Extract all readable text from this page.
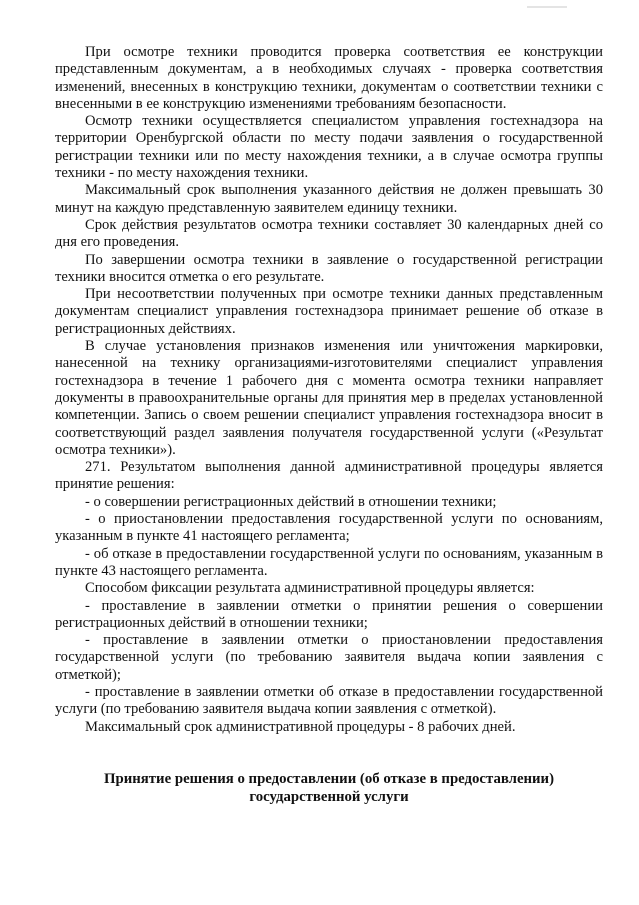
При осмотре техники проводится проверка соответствия ее конструкции представленным документам, а в необходимых случаях - проверка соответствия изменений, внесенных в конструкцию техники, документам о соответствии техники с внесенными в ее конструкцию изменениями требованиям безопасности.

Осмотр техники осуществляется специалистом управления гостехнадзора на территории Оренбургской области по месту подачи заявления о государственной регистрации техники или по месту нахождения техники, а в случае осмотра группы техники - по месту нахождения техники.

Максимальный срок выполнения указанного действия не должен превышать 30 минут на каждую представленную заявителем единицу техники.

Срок действия результатов осмотра техники составляет 30 календарных дней со дня его проведения.

По завершении осмотра техники в заявление о государственной регистрации техники вносится отметка о его результате.

При несоответствии полученных при осмотре техники данных представленным документам специалист управления гостехнадзора принимает решение об отказе в регистрационных действиях.

В случае установления признаков изменения или уничтожения маркировки, нанесенной на технику организациями-изготовителями специалист управления гостехнадзора в течение 1 рабочего дня с момента осмотра техники направляет документы в правоохранительные органы для принятия мер в пределах установленной компетенции. Запись о своем решении специалист управления гостехнадзора вносит в соответствующий раздел заявления получателя государственной услуги («Результат осмотра техники»).

271. Результатом выполнения данной административной процедуры является принятие решения:

- о совершении регистрационных действий в отношении техники;

- о приостановлении предоставления государственной услуги по основаниям, указанным в пункте 41 настоящего регламента;

- об отказе в предоставлении государственной услуги по основаниям, указанным в пункте 43 настоящего регламента.

Способом фиксации результата административной процедуры является:

- проставление в заявлении отметки о принятии решения о совершении регистрационных действий в отношении техники;

- проставление в заявлении отметки о приостановлении предоставления государственной услуги (по требованию заявителя выдача копии заявления с отметкой);

- проставление в заявлении отметки об отказе в предоставлении государственной услуги (по требованию заявителя выдача копии заявления с отметкой).

Максимальный срок административной процедуры - 8 рабочих дней.

Принятие решения о предоставлении (об отказе в предоставлении)
государственной услуги
